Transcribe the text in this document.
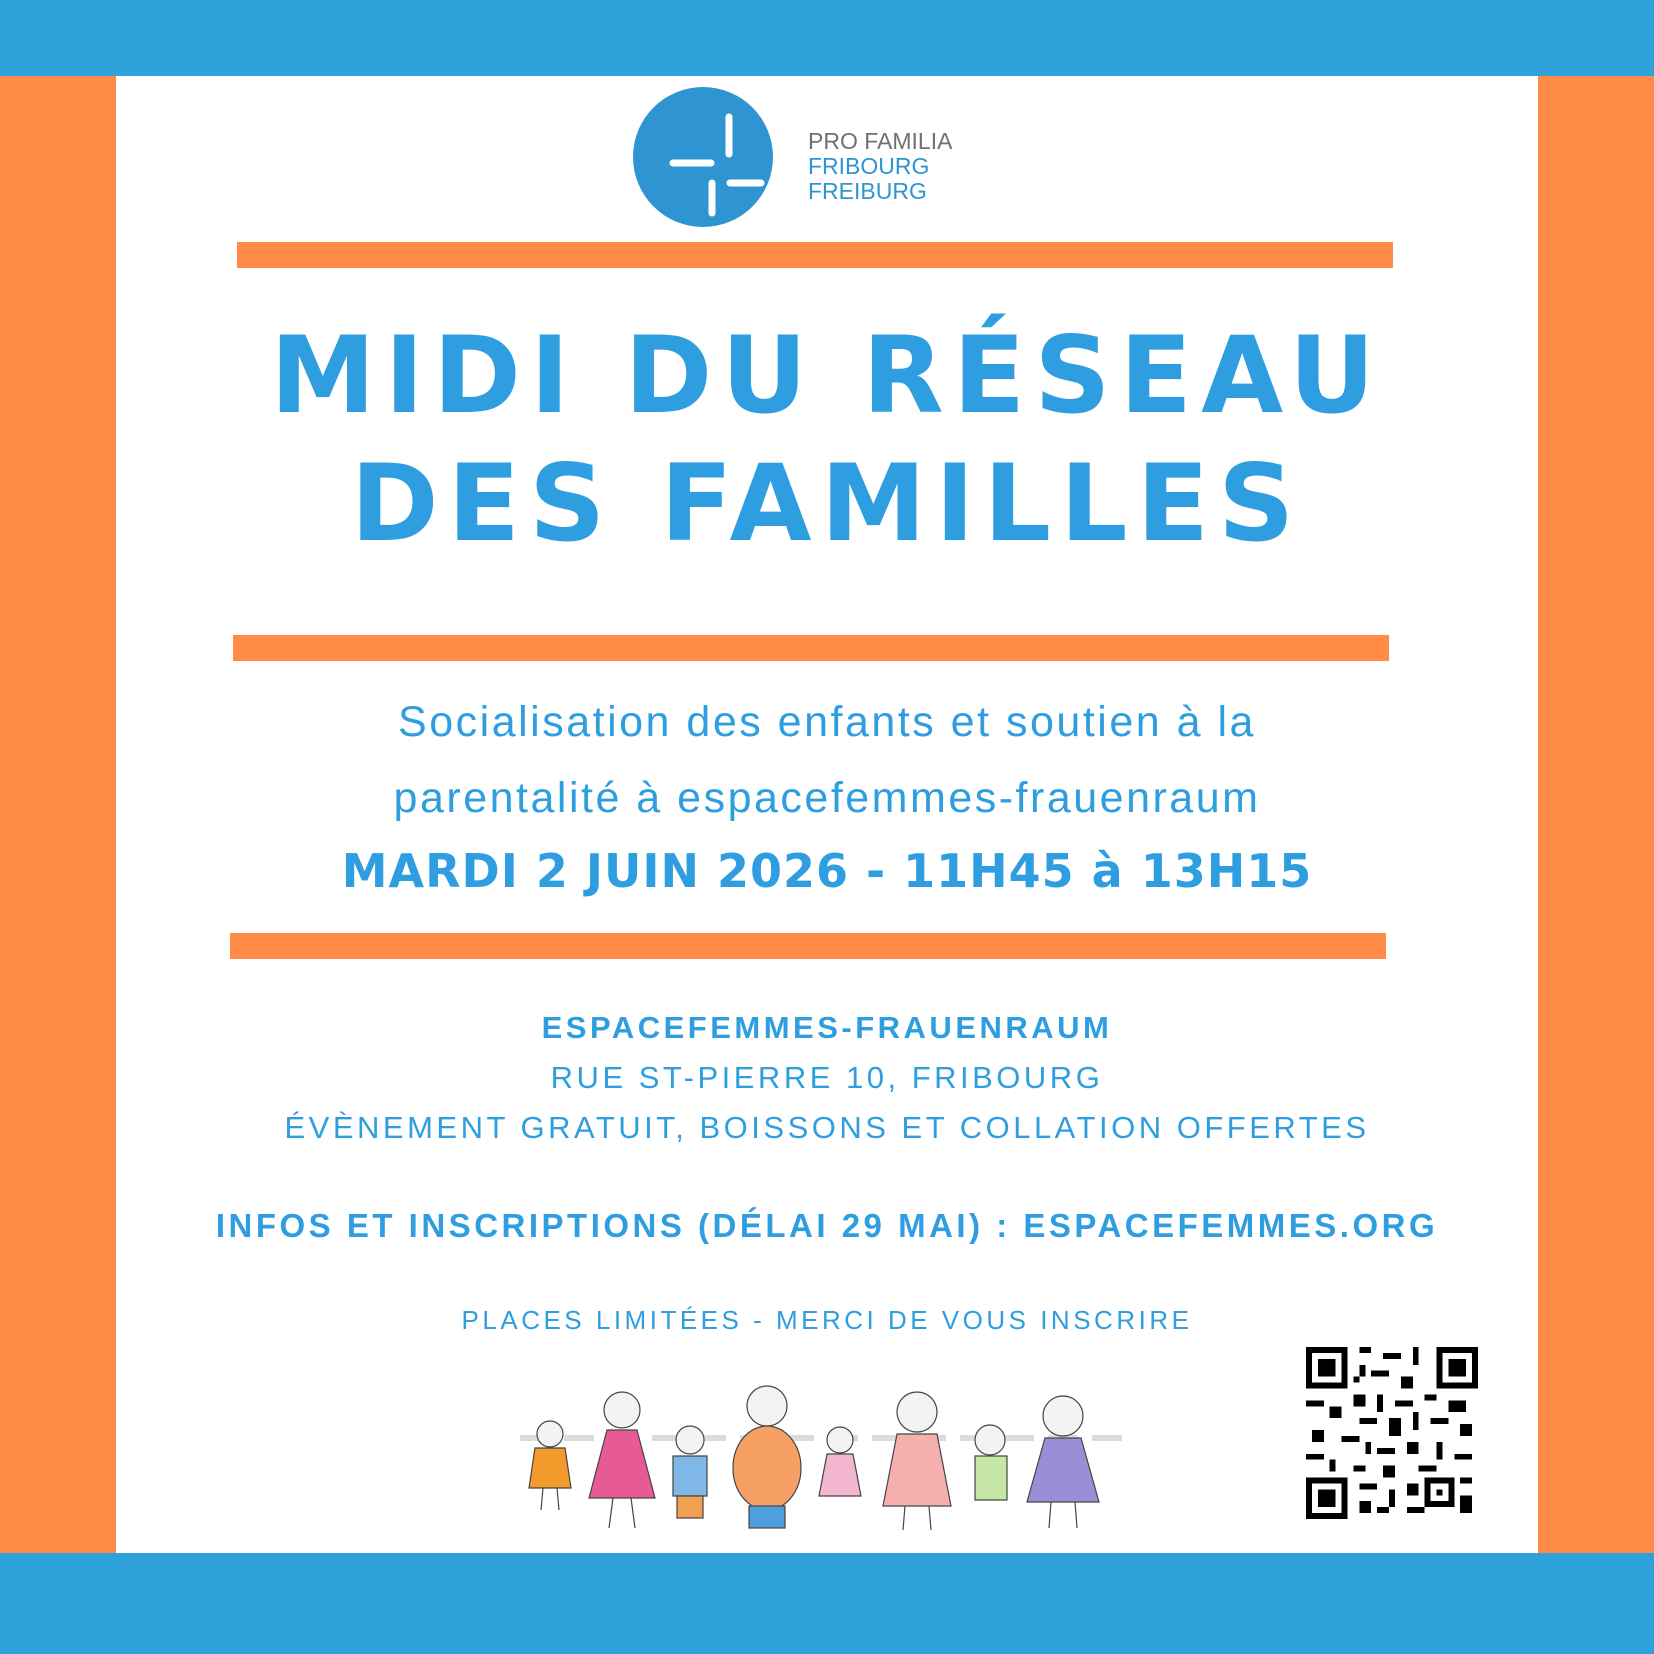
PRO FAMILIA
FRIBOURG
FREIBURG
MIDI DU RÉSEAU
DES FAMILLES
Socialisation des enfants et soutien à la
parentalité à espacefemmes-frauenraum
MARDI 2 JUIN 2026 - 11H45 à 13H15
ESPACEFEMMES-FRAUENRAUM
RUE ST-PIERRE 10, FRIBOURG
ÉVÈNEMENT GRATUIT, BOISSONS ET COLLATION OFFERTES
INFOS ET INSCRIPTIONS (DÉLAI 29 MAI) : ESPACEFEMMES.ORG
PLACES LIMITÉES - MERCI DE VOUS INSCRIRE
